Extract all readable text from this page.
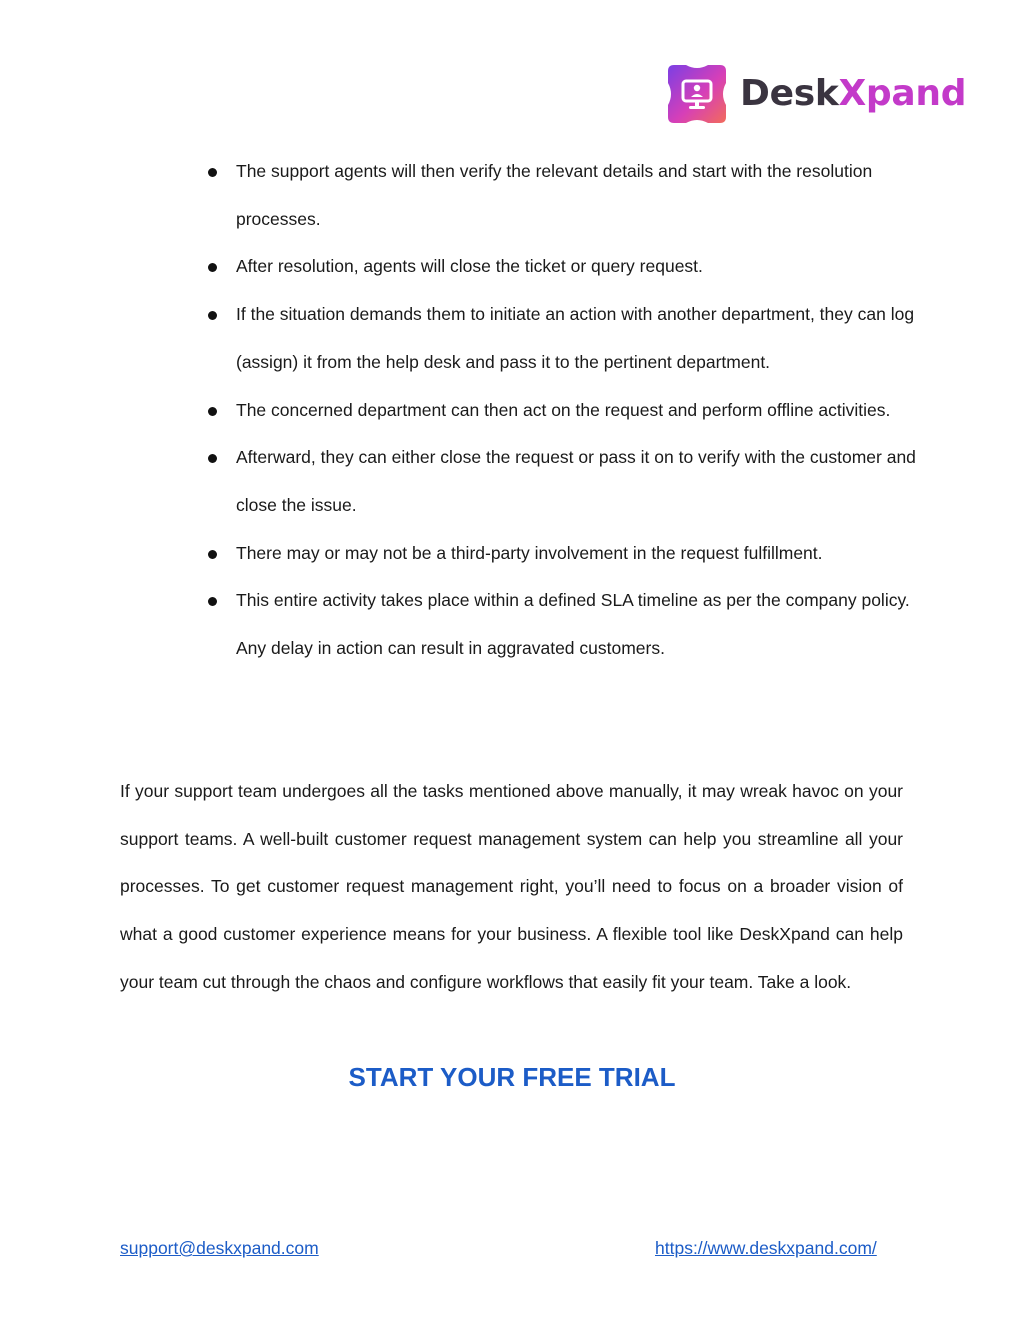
DeskXpand
The support agents will then verify the relevant details and start with the resolution processes.
After resolution, agents will close the ticket or query request.
If the situation demands them to initiate an action with another department, they can log (assign) it from the help desk and pass it to the pertinent department.
The concerned department can then act on the request and perform offline activities.
Afterward, they can either close the request or pass it on to verify with the customer and close the issue.
There may or may not be a third-party involvement in the request fulfillment.
This entire activity takes place within a defined SLA timeline as per the company policy. Any delay in action can result in aggravated customers.

If your support team undergoes all the tasks mentioned above manually, it may wreak havoc on your support teams. A well-built customer request management system can help you streamline all your processes. To get customer request management right, you’ll need to focus on a broader vision of what a good customer experience means for your business. A flexible tool like DeskXpand can help your team cut through the chaos and configure workflows that easily fit your team. Take a look.

START YOUR FREE TRIAL
support@deskxpand.com	https://www.deskxpand.com/
